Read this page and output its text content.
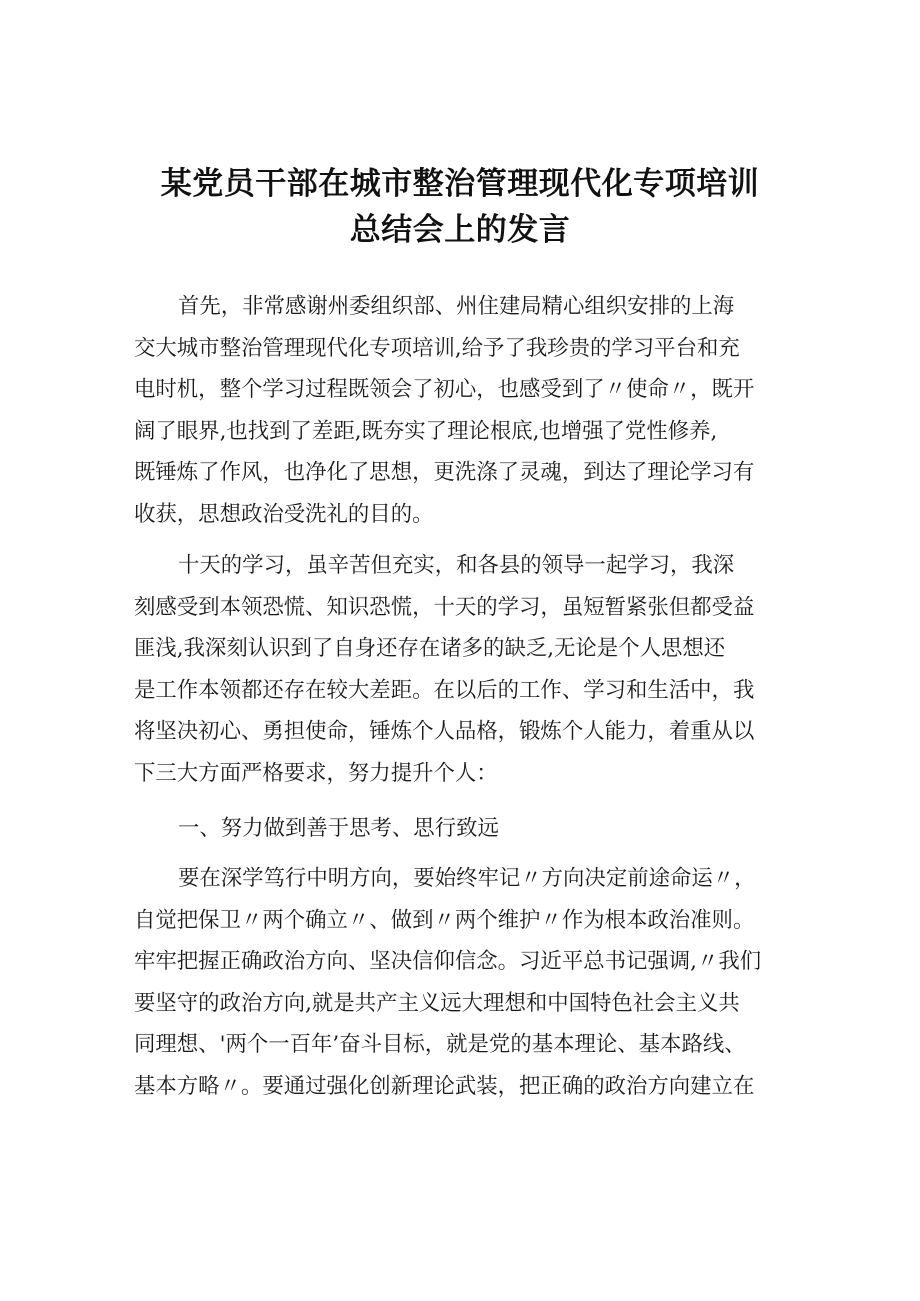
某党员干部在城市整治管理现代化专项培训
总结会上的发言
首先，非常感谢州委组织部、州住建局精心组织安排的上海
交大城市整治管理现代化专项培训,给予了我珍贵的学习平台和充
电时机，整个学习过程既领会了初心，也感受到了〃使命〃，既开
阔了眼界,也找到了差距,既夯实了理论根底,也增强了党性修养,
既锤炼了作风，也净化了思想，更洗涤了灵魂，到达了理论学习有
收获，思想政治受洗礼的目的。
十天的学习，虽辛苦但充实，和各县的领导一起学习，我深
刻感受到本领恐慌、知识恐慌，十天的学习，虽短暂紧张但都受益
匪浅,我深刻认识到了自身还存在诸多的缺乏,无论是个人思想还
是工作本领都还存在较大差距。在以后的工作、学习和生活中，我
将坚决初心、勇担使命，锤炼个人品格，锻炼个人能力，着重从以
下三大方面严格要求，努力提升个人：
一、努力做到善于思考、思行致远
要在深学笃行中明方向，要始终牢记〃方向决定前途命运〃，
自觉把保卫〃两个确立〃、做到〃两个维护〃作为根本政治准则。
牢牢把握正确政治方向、坚决信仰信念。习近平总书记强调,〃我们
要坚守的政治方向,就是共产主义远大理想和中国特色社会主义共
同理想、'两个一百年’奋斗目标，就是党的基本理论、基本路线、
基本方略〃。要通过强化创新理论武装，把正确的政治方向建立在
